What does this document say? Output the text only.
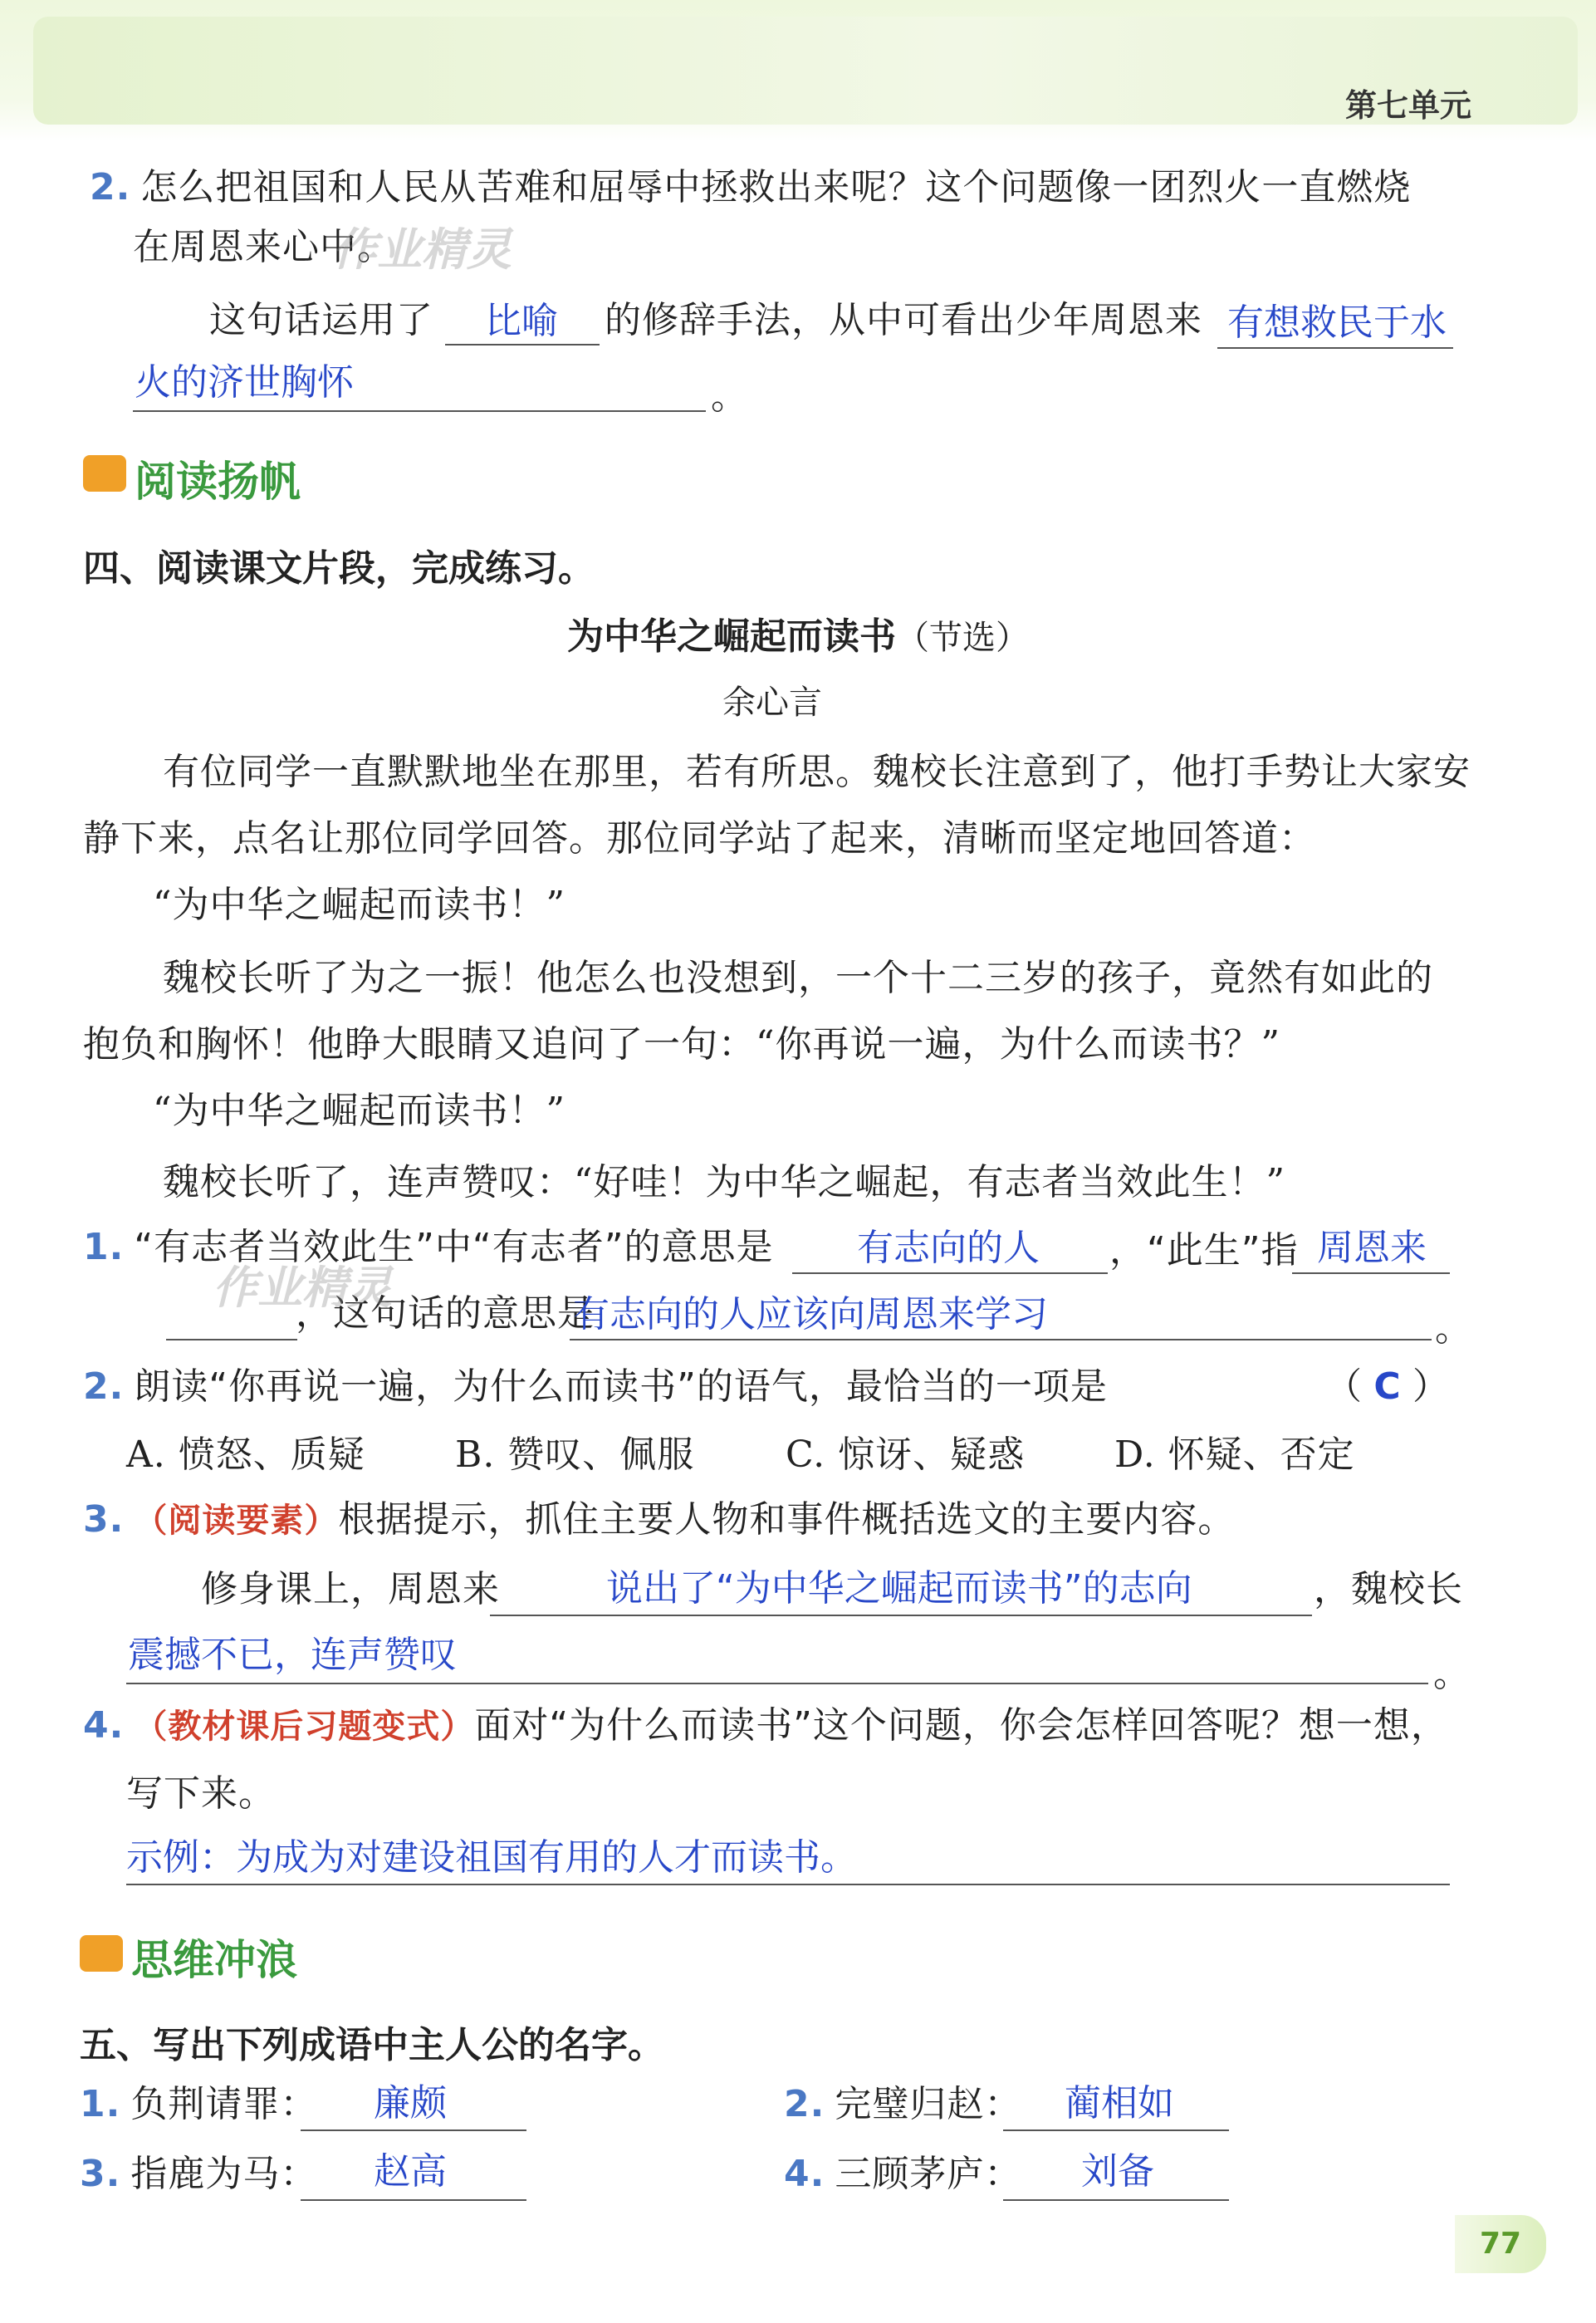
第七单元
2. 怎么把祖国和人民从苦难和屈辱中拯救出来呢？这个问题像一团烈火一直燃烧
在周恩来心中。
作业精灵
这句话运用了 比喻 的修辞手法，从中可看出少年周恩来 有想救民于水
火的济世胸怀	。
阅读扬帆
四、阅读课文片段，完成练习。
为中华之崛起而读书（节选）
余心言
有位同学一直默默地坐在那里，若有所思。魏校长注意到了，他打手势让大家安
静下来，点名让那位同学回答。那位同学站了起来，清晰而坚定地回答道：
“为中华之崛起而读书！”
魏校长听了为之一振！他怎么也没想到，一个十二三岁的孩子，竟然有如此的
抱负和胸怀！他睁大眼睛又追问了一句：“你再说一遍，为什么而读书？”
“为中华之崛起而读书！”
魏校长听了，连声赞叹：“好哇！为中华之崛起，有志者当效此生！”
1. “有志者当效此生”中“有志者”的意思是 有志向的人 ，“此生”指 周恩来
，这句话的意思是
有志向的人应该向周恩来学习	。
作业精灵
2. 朗读“你再说一遍，为什么而读书”的语气，最恰当的一项是	（ C ）
A. 愤怒、质疑 B. 赞叹、佩服 C. 惊讶、疑惑 D. 怀疑、否定
3. （阅读要素）根据提示，抓住主要人物和事件概括选文的主要内容。
修身课上，周恩来	说出了“为中华之崛起而读书”的志向	，魏校长
震撼不已，连声赞叹	。
4. （教材课后习题变式）面对“为什么而读书”这个问题，你会怎样回答呢？想一想，
写下来。
示例：为成为对建设祖国有用的人才而读书。
思维冲浪
五、写出下列成语中主人公的名字。
1. 负荆请罪： 廉颇	2. 完璧归赵： 蔺相如
3. 指鹿为马： 赵高	4. 三顾茅庐： 刘备
77
